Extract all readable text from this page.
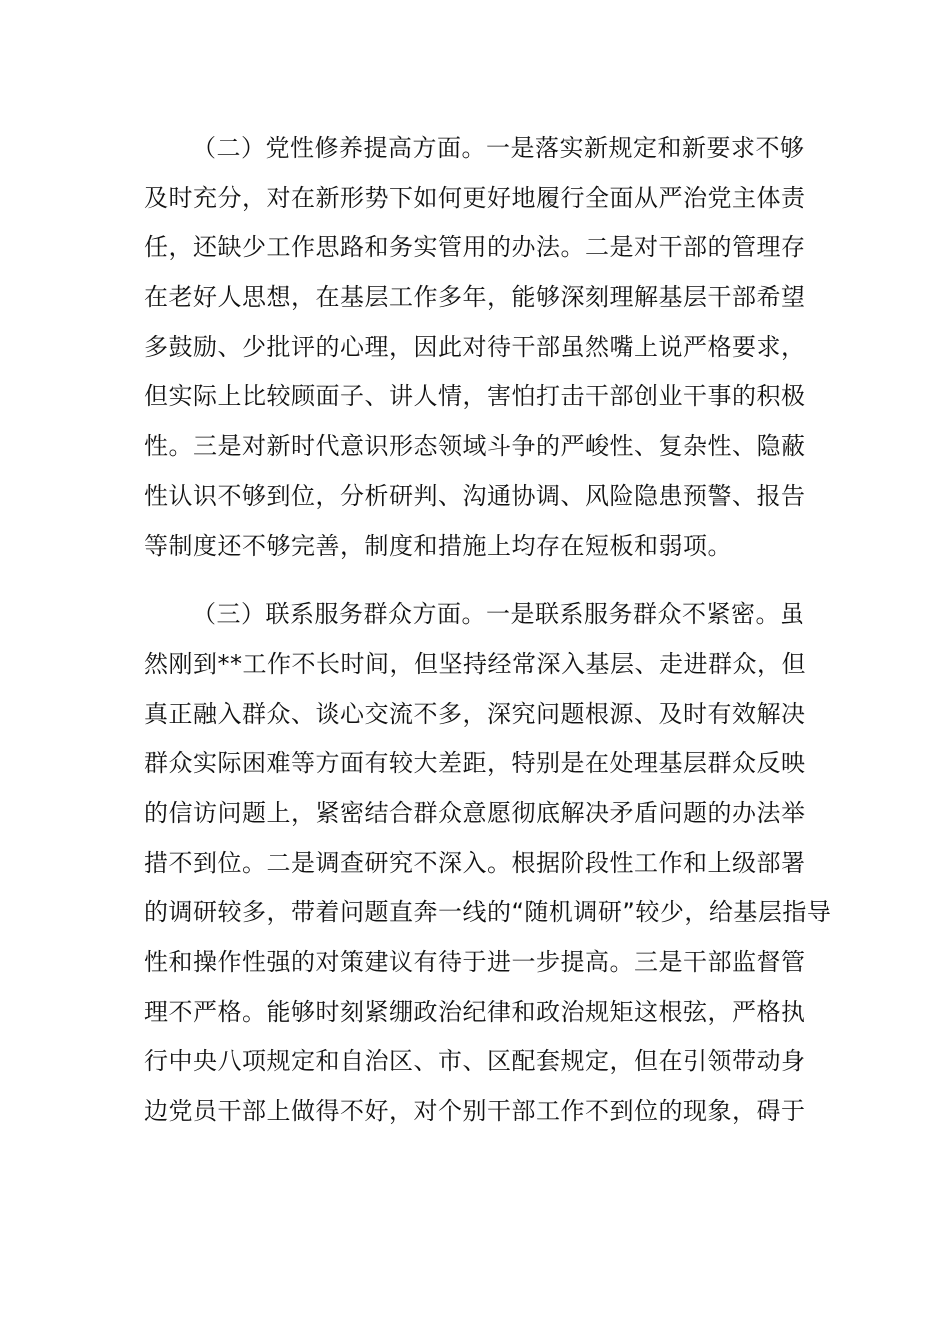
（二）党性修养提高方面。一是落实新规定和新要求不够
及时充分，对在新形势下如何更好地履行全面从严治党主体责
任，还缺少工作思路和务实管用的办法。二是对干部的管理存
在老好人思想，在基层工作多年，能够深刻理解基层干部希望
多鼓励、少批评的心理，因此对待干部虽然嘴上说严格要求，
但实际上比较顾面子、讲人情，害怕打击干部创业干事的积极
性。三是对新时代意识形态领域斗争的严峻性、复杂性、隐蔽
性认识不够到位，分析研判、沟通协调、风险隐患预警、报告
等制度还不够完善，制度和措施上均存在短板和弱项。
（三）联系服务群众方面。一是联系服务群众不紧密。虽
然刚到**工作不长时间，但坚持经常深入基层、走进群众，但
真正融入群众、谈心交流不多，深究问题根源、及时有效解决
群众实际困难等方面有较大差距，特别是在处理基层群众反映
的信访问题上，紧密结合群众意愿彻底解决矛盾问题的办法举
措不到位。二是调查研究不深入。根据阶段性工作和上级部署
的调研较多，带着问题直奔一线的“随机调研”较少，给基层指导
性和操作性强的对策建议有待于进一步提高。三是干部监督管
理不严格。能够时刻紧绷政治纪律和政治规矩这根弦，严格执
行中央八项规定和自治区、市、区配套规定，但在引领带动身
边党员干部上做得不好，对个别干部工作不到位的现象，碍于
